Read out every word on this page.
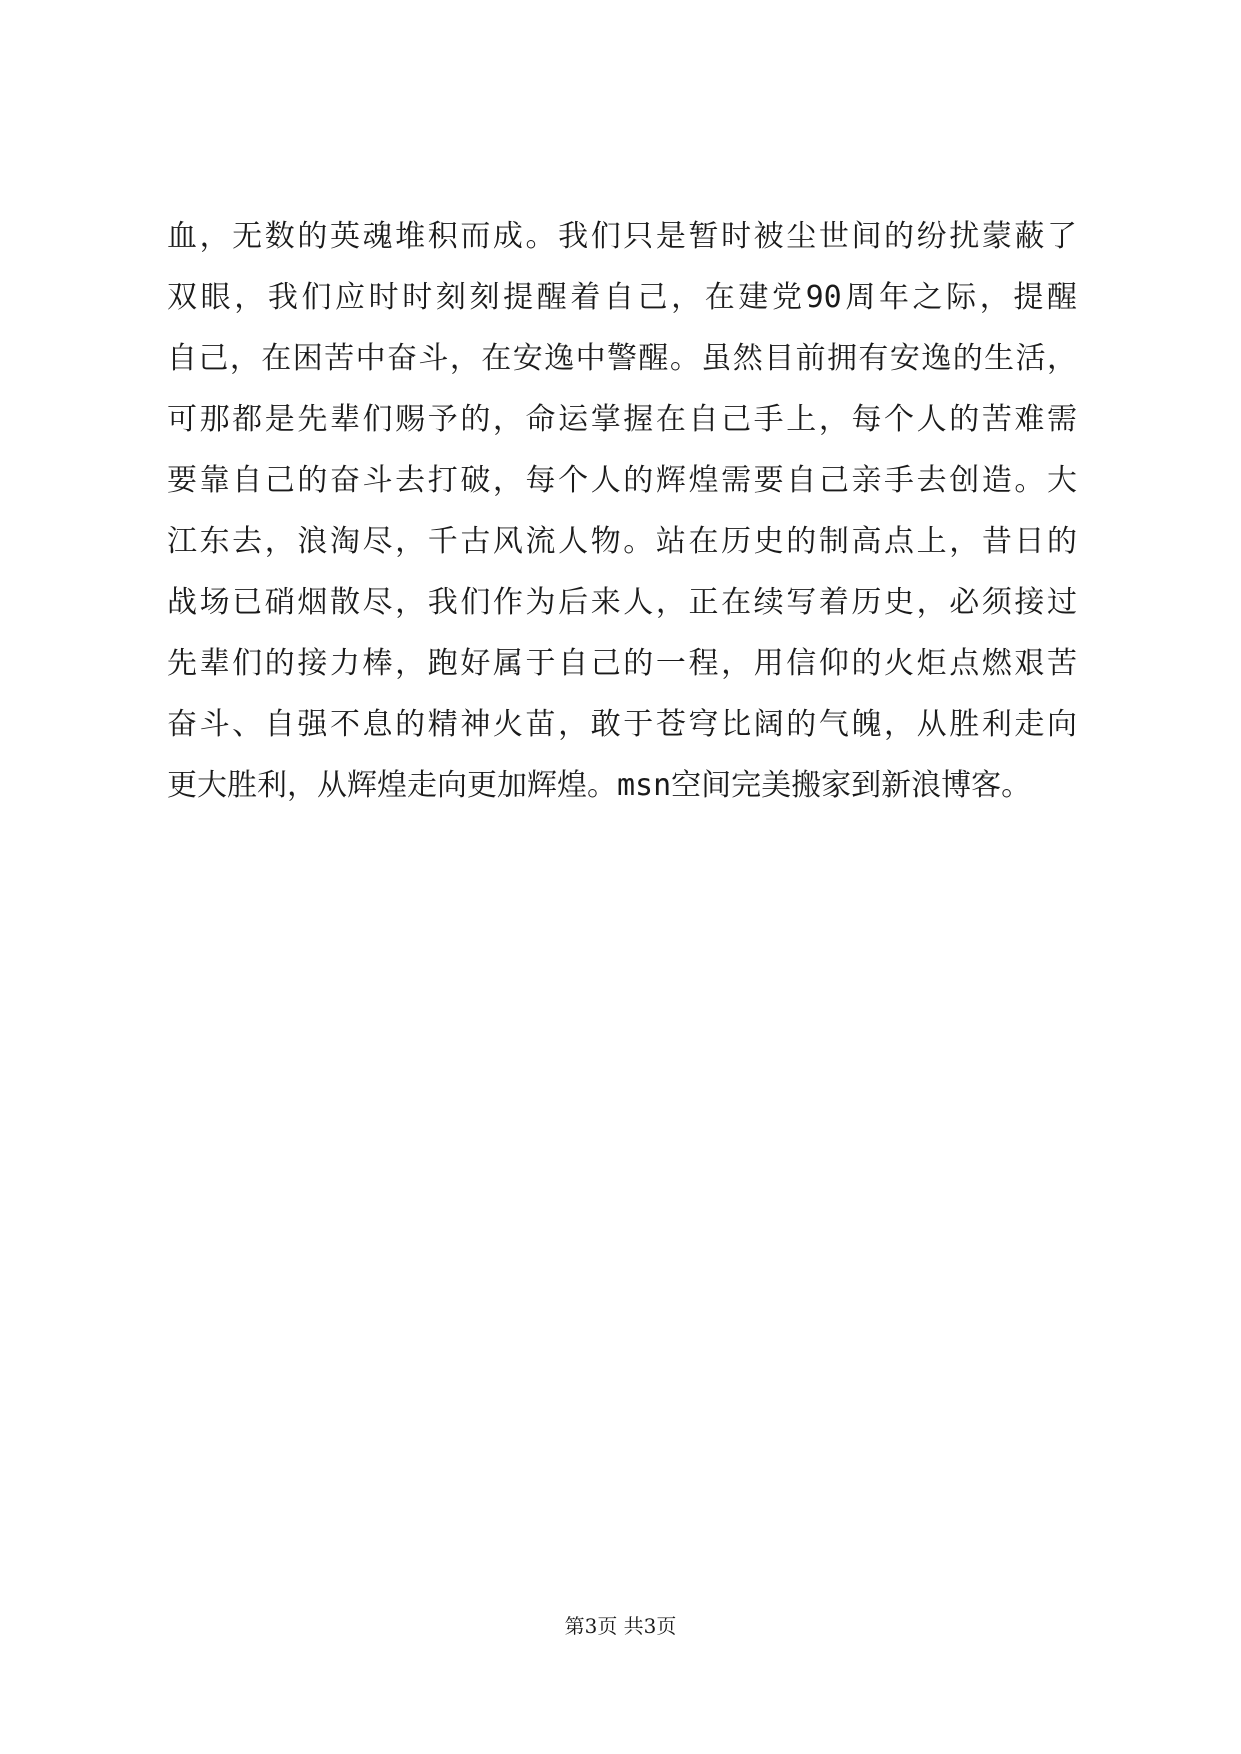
血，无数的英魂堆积而成。我们只是暂时被尘世间的纷扰蒙蔽了
双眼，我们应时时刻刻提醒着自己，在建党90周年之际，提醒
自己，在困苦中奋斗，在安逸中警醒。虽然目前拥有安逸的生活，
可那都是先辈们赐予的，命运掌握在自己手上，每个人的苦难需
要靠自己的奋斗去打破，每个人的辉煌需要自己亲手去创造。大
江东去，浪淘尽，千古风流人物。站在历史的制高点上，昔日的
战场已硝烟散尽，我们作为后来人，正在续写着历史，必须接过
先辈们的接力棒，跑好属于自己的一程，用信仰的火炬点燃艰苦
奋斗、自强不息的精神火苗，敢于苍穹比阔的气魄，从胜利走向
更大胜利，从辉煌走向更加辉煌。msn空间完美搬家到新浪博客。
第3页 共3页
